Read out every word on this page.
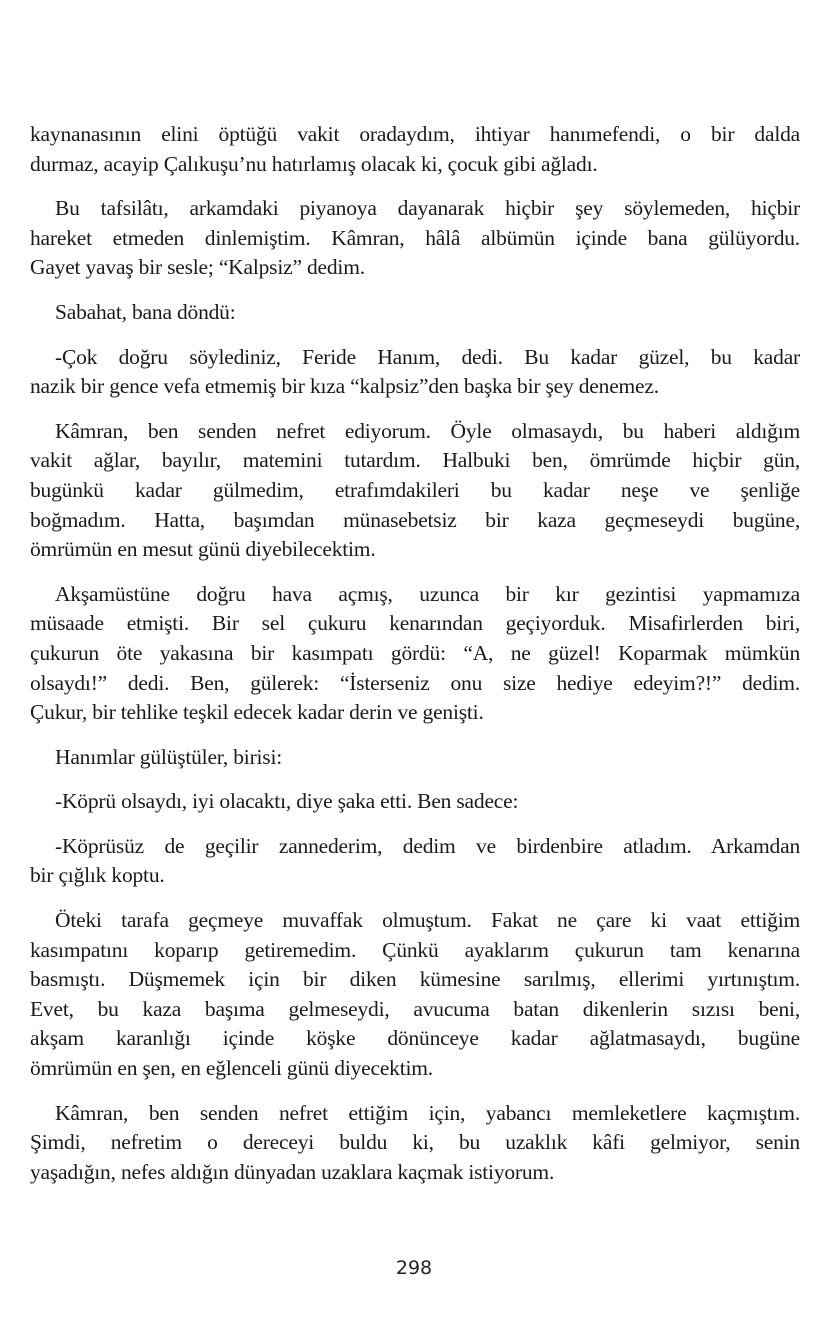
kaynanasının elini öptüğü vakit oradaydım, ihtiyar hanımefendi, o bir dalda
durmaz, acayip Çalıkuşu’nu hatırlamış olacak ki, çocuk gibi ağladı.
Bu tafsilâtı, arkamdaki piyanoya dayanarak hiçbir şey söylemeden, hiçbir
hareket etmeden dinlemiştim. Kâmran, hâlâ albümün içinde bana gülüyordu.
Gayet yavaş bir sesle; “Kalpsiz” dedim.
Sabahat, bana döndü:
-Çok doğru söylediniz, Feride Hanım, dedi. Bu kadar güzel, bu kadar
nazik bir gence vefa etmemiş bir kıza “kalpsiz”den başka bir şey denemez.
Kâmran, ben senden nefret ediyorum. Öyle olmasaydı, bu haberi aldığım
vakit ağlar, bayılır, matemini tutardım. Halbuki ben, ömrümde hiçbir gün,
bugünkü kadar gülmedim, etrafımdakileri bu kadar neşe ve şenliğe
boğmadım. Hatta, başımdan münasebetsiz bir kaza geçmeseydi bugüne,
ömrümün en mesut günü diyebilecektim.
Akşamüstüne doğru hava açmış, uzunca bir kır gezintisi yapmamıza
müsaade etmişti. Bir sel çukuru kenarından geçiyorduk. Misafirlerden biri,
çukurun öte yakasına bir kasımpatı gördü: “A, ne güzel! Koparmak mümkün
olsaydı!” dedi. Ben, gülerek: “İsterseniz onu size hediye edeyim?!” dedim.
Çukur, bir tehlike teşkil edecek kadar derin ve genişti.
Hanımlar gülüştüler, birisi:
-Köprü olsaydı, iyi olacaktı, diye şaka etti. Ben sadece:
-Köprüsüz de geçilir zannederim, dedim ve birdenbire atladım. Arkamdan
bir çığlık koptu.
Öteki tarafa geçmeye muvaffak olmuştum. Fakat ne çare ki vaat ettiğim
kasımpatını koparıp getiremedim. Çünkü ayaklarım çukurun tam kenarına
basmıştı. Düşmemek için bir diken kümesine sarılmış, ellerimi yırtınıştım.
Evet, bu kaza başıma gelmeseydi, avucuma batan dikenlerin sızısı beni,
akşam karanlığı içinde köşke dönünceye kadar ağlatmasaydı, bugüne
ömrümün en şen, en eğlenceli günü diyecektim.
Kâmran, ben senden nefret ettiğim için, yabancı memleketlere kaçmıştım.
Şimdi, nefretim o dereceyi buldu ki, bu uzaklık kâfi gelmiyor, senin
yaşadığın, nefes aldığın dünyadan uzaklara kaçmak istiyorum.
298
